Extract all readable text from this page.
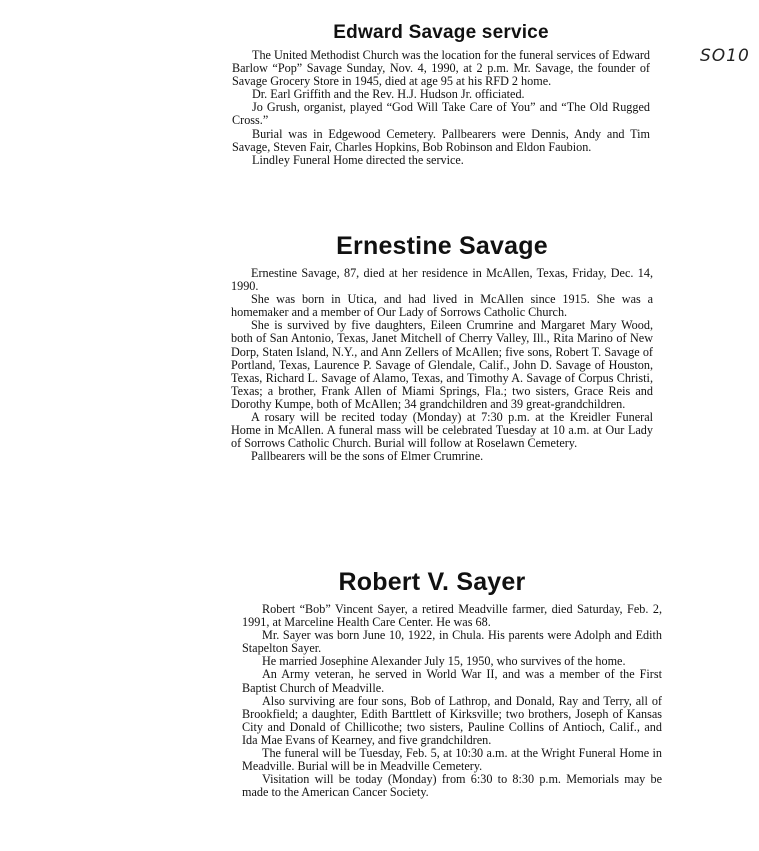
SO10
Edward Savage service

The United Methodist Church was the location for the funeral services of Edward Barlow “Pop” Savage Sunday, Nov. 4, 1990, at 2 p.m. Mr. Savage, the founder of Savage Grocery Store in 1945, died at age 95 at his RFD 2 home.

Dr. Earl Griffith and the Rev. H.J. Hudson Jr. officiated.

Jo Grush, organist, played “God Will Take Care of You” and “The Old Rugged Cross.”

Burial was in Edgewood Cemetery. Pallbearers were Dennis, Andy and Tim Savage, Steven Fair, Charles Hopkins, Bob Robinson and Eldon Faubion.

Lindley Funeral Home directed the service.

Ernestine Savage

Ernestine Savage, 87, died at her residence in McAllen, Texas, Friday, Dec. 14, 1990.

She was born in Utica, and had lived in McAllen since 1915. She was a homemaker and a member of Our Lady of Sorrows Catholic Church.

She is survived by five daughters, Eileen Crumrine and Margaret Mary Wood, both of San Antonio, Texas, Janet Mitchell of Cherry Valley, Ill., Rita Marino of New Dorp, Staten Island, N.Y., and Ann Zellers of McAllen; five sons, Robert T. Savage of Portland, Texas, Laurence P. Savage of Glendale, Calif., John D. Savage of Houston, Texas, Richard L. Savage of Alamo, Texas, and Timothy A. Savage of Corpus Christi, Texas; a brother, Frank Allen of Miami Springs, Fla.; two sisters, Grace Reis and Dorothy Kumpe, both of McAllen; 34 grandchildren and 39 great-grandchildren.

A rosary will be recited today (Monday) at 7:30 p.m. at the Kreidler Funeral Home in McAllen. A funeral mass will be celebrated Tuesday at 10 a.m. at Our Lady of Sorrows Catholic Church. Burial will follow at Roselawn Cemetery.

Pallbearers will be the sons of Elmer Crumrine.

Robert V. Sayer

Robert “Bob” Vincent Sayer, a retired Meadville farmer, died Saturday, Feb. 2, 1991, at Marceline Health Care Center. He was 68.

Mr. Sayer was born June 10, 1922, in Chula. His parents were Adolph and Edith Stapelton Sayer.

He married Josephine Alexander July 15, 1950, who survives of the home.

An Army veteran, he served in World War II, and was a member of the First Baptist Church of Meadville.

Also surviving are four sons, Bob of Lathrop, and Donald, Ray and Terry, all of Brookfield; a daughter, Edith Barttlett of Kirksville; two brothers, Joseph of Kansas City and Donald of Chillicothe; two sisters, Pauline Collins of Antioch, Calif., and Ida Mae Evans of Kearney, and five grandchildren.

The funeral will be Tuesday, Feb. 5, at 10:30 a.m. at the Wright Funeral Home in Meadville. Burial will be in Meadville Cemetery.

Visitation will be today (Monday) from 6:30 to 8:30 p.m. Memorials may be made to the American Cancer Society.
